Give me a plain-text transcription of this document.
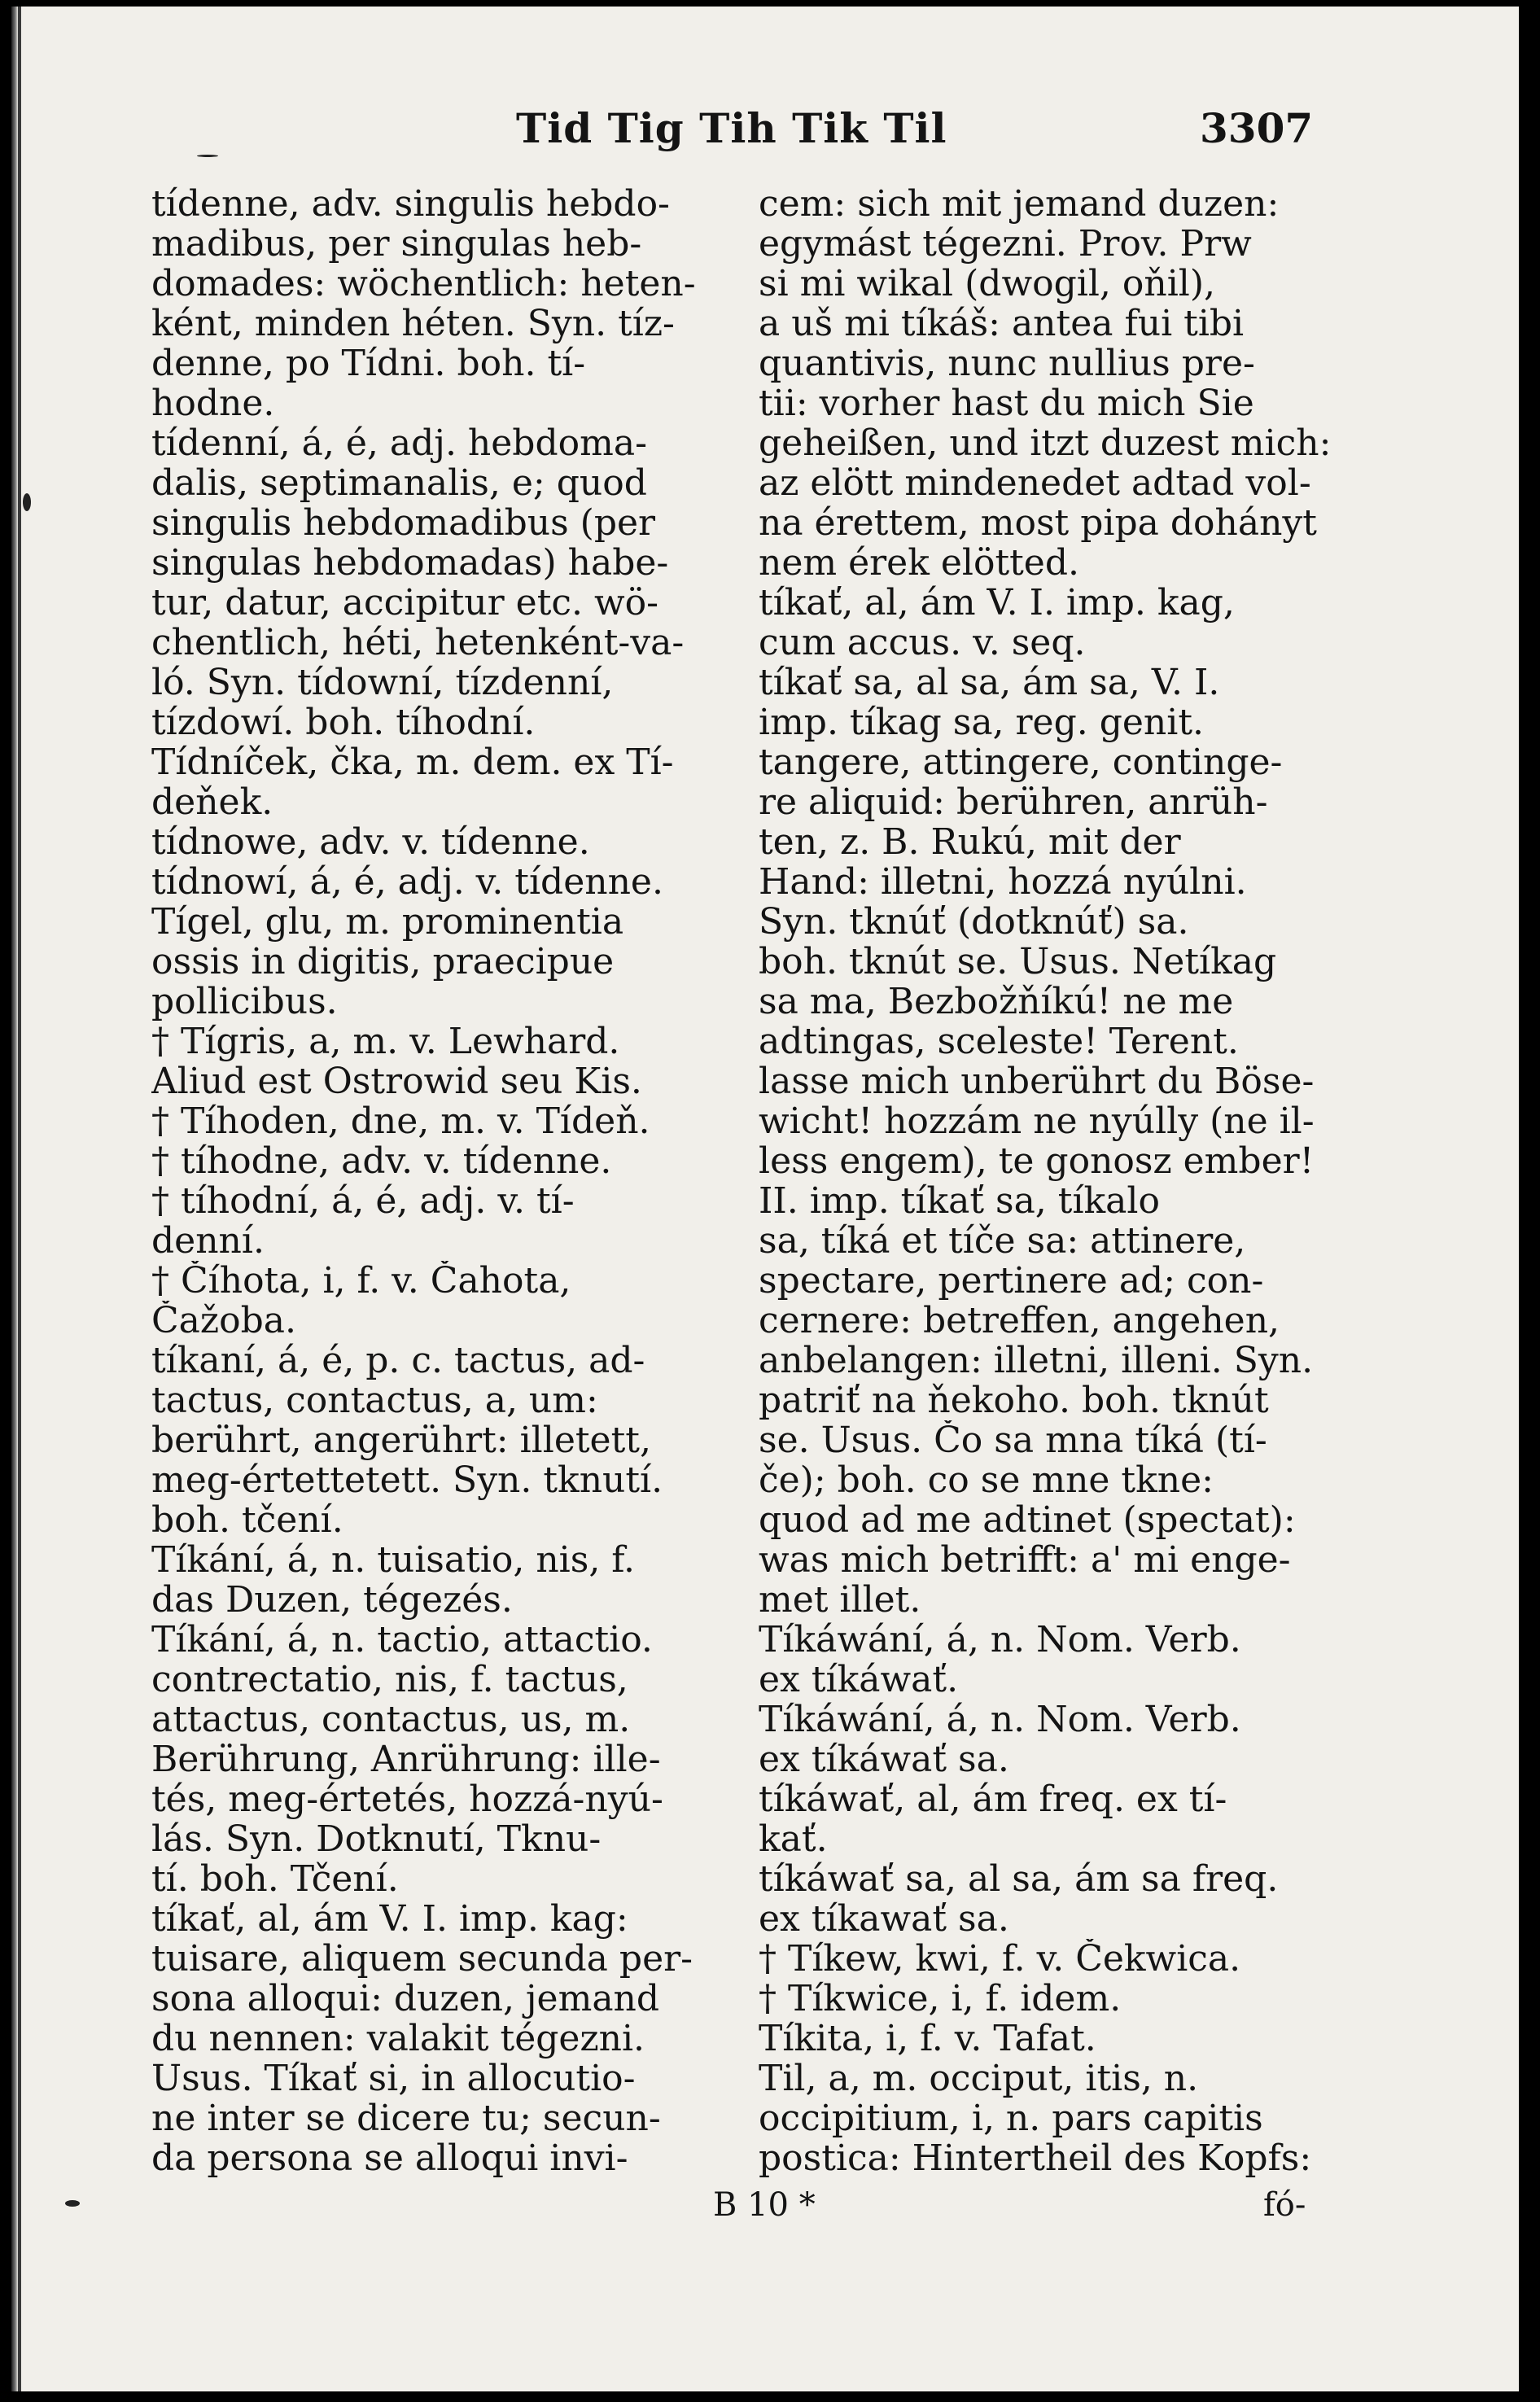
Tid Tig Tih Tik Til	3307
tídenne, adv. singulis hebdo-
madibus, per singulas heb-
domades: wöchentlich: heten-
ként, minden héten. Syn. tíz-
denne, po Tídni. boh. tí-
hodne.
tídenní, á, é, adj. hebdoma-
dalis, septimanalis, e; quod
singulis hebdomadibus (per
singulas hebdomadas) habe-
tur, datur, accipitur etc. wö-
chentlich, héti, hetenként-va-
ló. Syn. tídowní, tízdenní,
tízdowí. boh. tíhodní.
Tídníček, čka, m. dem. ex Tí-
deňek.
tídnowe, adv. v. tídenne.
tídnowí, á, é, adj. v. tídenne.
Tígel, glu, m. prominentia
ossis in digitis, praecipue
pollicibus.
† Tígris, a, m. v. Lewhard.
Aliud est Ostrowid seu Kis.
† Tíhoden, dne, m. v. Tídeň.
† tíhodne, adv. v. tídenne.
† tíhodní, á, é, adj. v. tí-
denní.
† Číhota, i, f. v. Čahota,
Čažoba.
tíkaní, á, é, p. c. tactus, ad-
tactus, contactus, a, um:
berührt, angerührt: illetett,
meg-értettetett. Syn. tknutí.
boh. tčení.
Tíkání, á, n. tuisatio, nis, f.
das Duzen, tégezés.
Tíkání, á, n. tactio, attactio.
contrectatio, nis, f. tactus,
attactus, contactus, us, m.
Berührung, Anrührung: ille-
tés, meg-értetés, hozzá-nyú-
lás. Syn. Dotknutí, Tknu-
tí. boh. Tčení.
tíkať, al, ám V. I. imp. kag:
tuisare, aliquem secunda per-
sona alloqui: duzen, jemand
du nennen: valakit tégezni.
Usus. Tíkať si, in allocutio-
ne inter se dicere tu; secun-
da persona se alloqui invi-
cem: sich mit jemand duzen:
egymást tégezni. Prov. Prw
si mi wikal (dwogil, oňil),
a uš mi tíkáš: antea fui tibi
quantivis, nunc nullius pre-
tii: vorher hast du mich Sie
geheißen, und itzt duzest mich:
az elött mindenedet adtad vol-
na érettem, most pipa dohányt
nem érek elötted.
tíkať, al, ám V. I. imp. kag,
cum accus. v. seq.
tíkať sa, al sa, ám sa, V. I.
imp. tíkag sa, reg. genit.
tangere, attingere, continge-
re aliquid: berühren, anrüh-
ten, z. B. Rukú, mit der
Hand: illetni, hozzá nyúlni.
Syn. tknúť (dotknúť) sa.
boh. tknút se. Usus. Netíkag
sa ma, Bezbožňíkú! ne me
adtingas, sceleste! Terent.
lasse mich unberührt du Böse-
wicht! hozzám ne nyúlly (ne il-
less engem), te gonosz ember!
II. imp. tíkať sa, tíkalo
sa, tíká et tíče sa: attinere,
spectare, pertinere ad; con-
cernere: betreffen, angehen,
anbelangen: illetni, illeni. Syn.
patriť na ňekoho. boh. tknút
se. Usus. Čo sa mna tíká (tí-
če); boh. co se mne tkne:
quod ad me adtinet (spectat):
was mich betrifft: a' mi enge-
met illet.
Tíkáwání, á, n. Nom. Verb.
ex tíkáwať.
Tíkáwání, á, n. Nom. Verb.
ex tíkáwať sa.
tíkáwať, al, ám freq. ex tí-
kať.
tíkáwať sa, al sa, ám sa freq.
ex tíkawať sa.
† Tíkew, kwi, f. v. Čekwica.
† Tíkwice, i, f. idem.
Tíkita, i, f. v. Tafat.
Til, a, m. occiput, itis, n.
occipitium, i, n. pars capitis
postica: Hintertheil des Kopfs:
B 10 *	fó-
